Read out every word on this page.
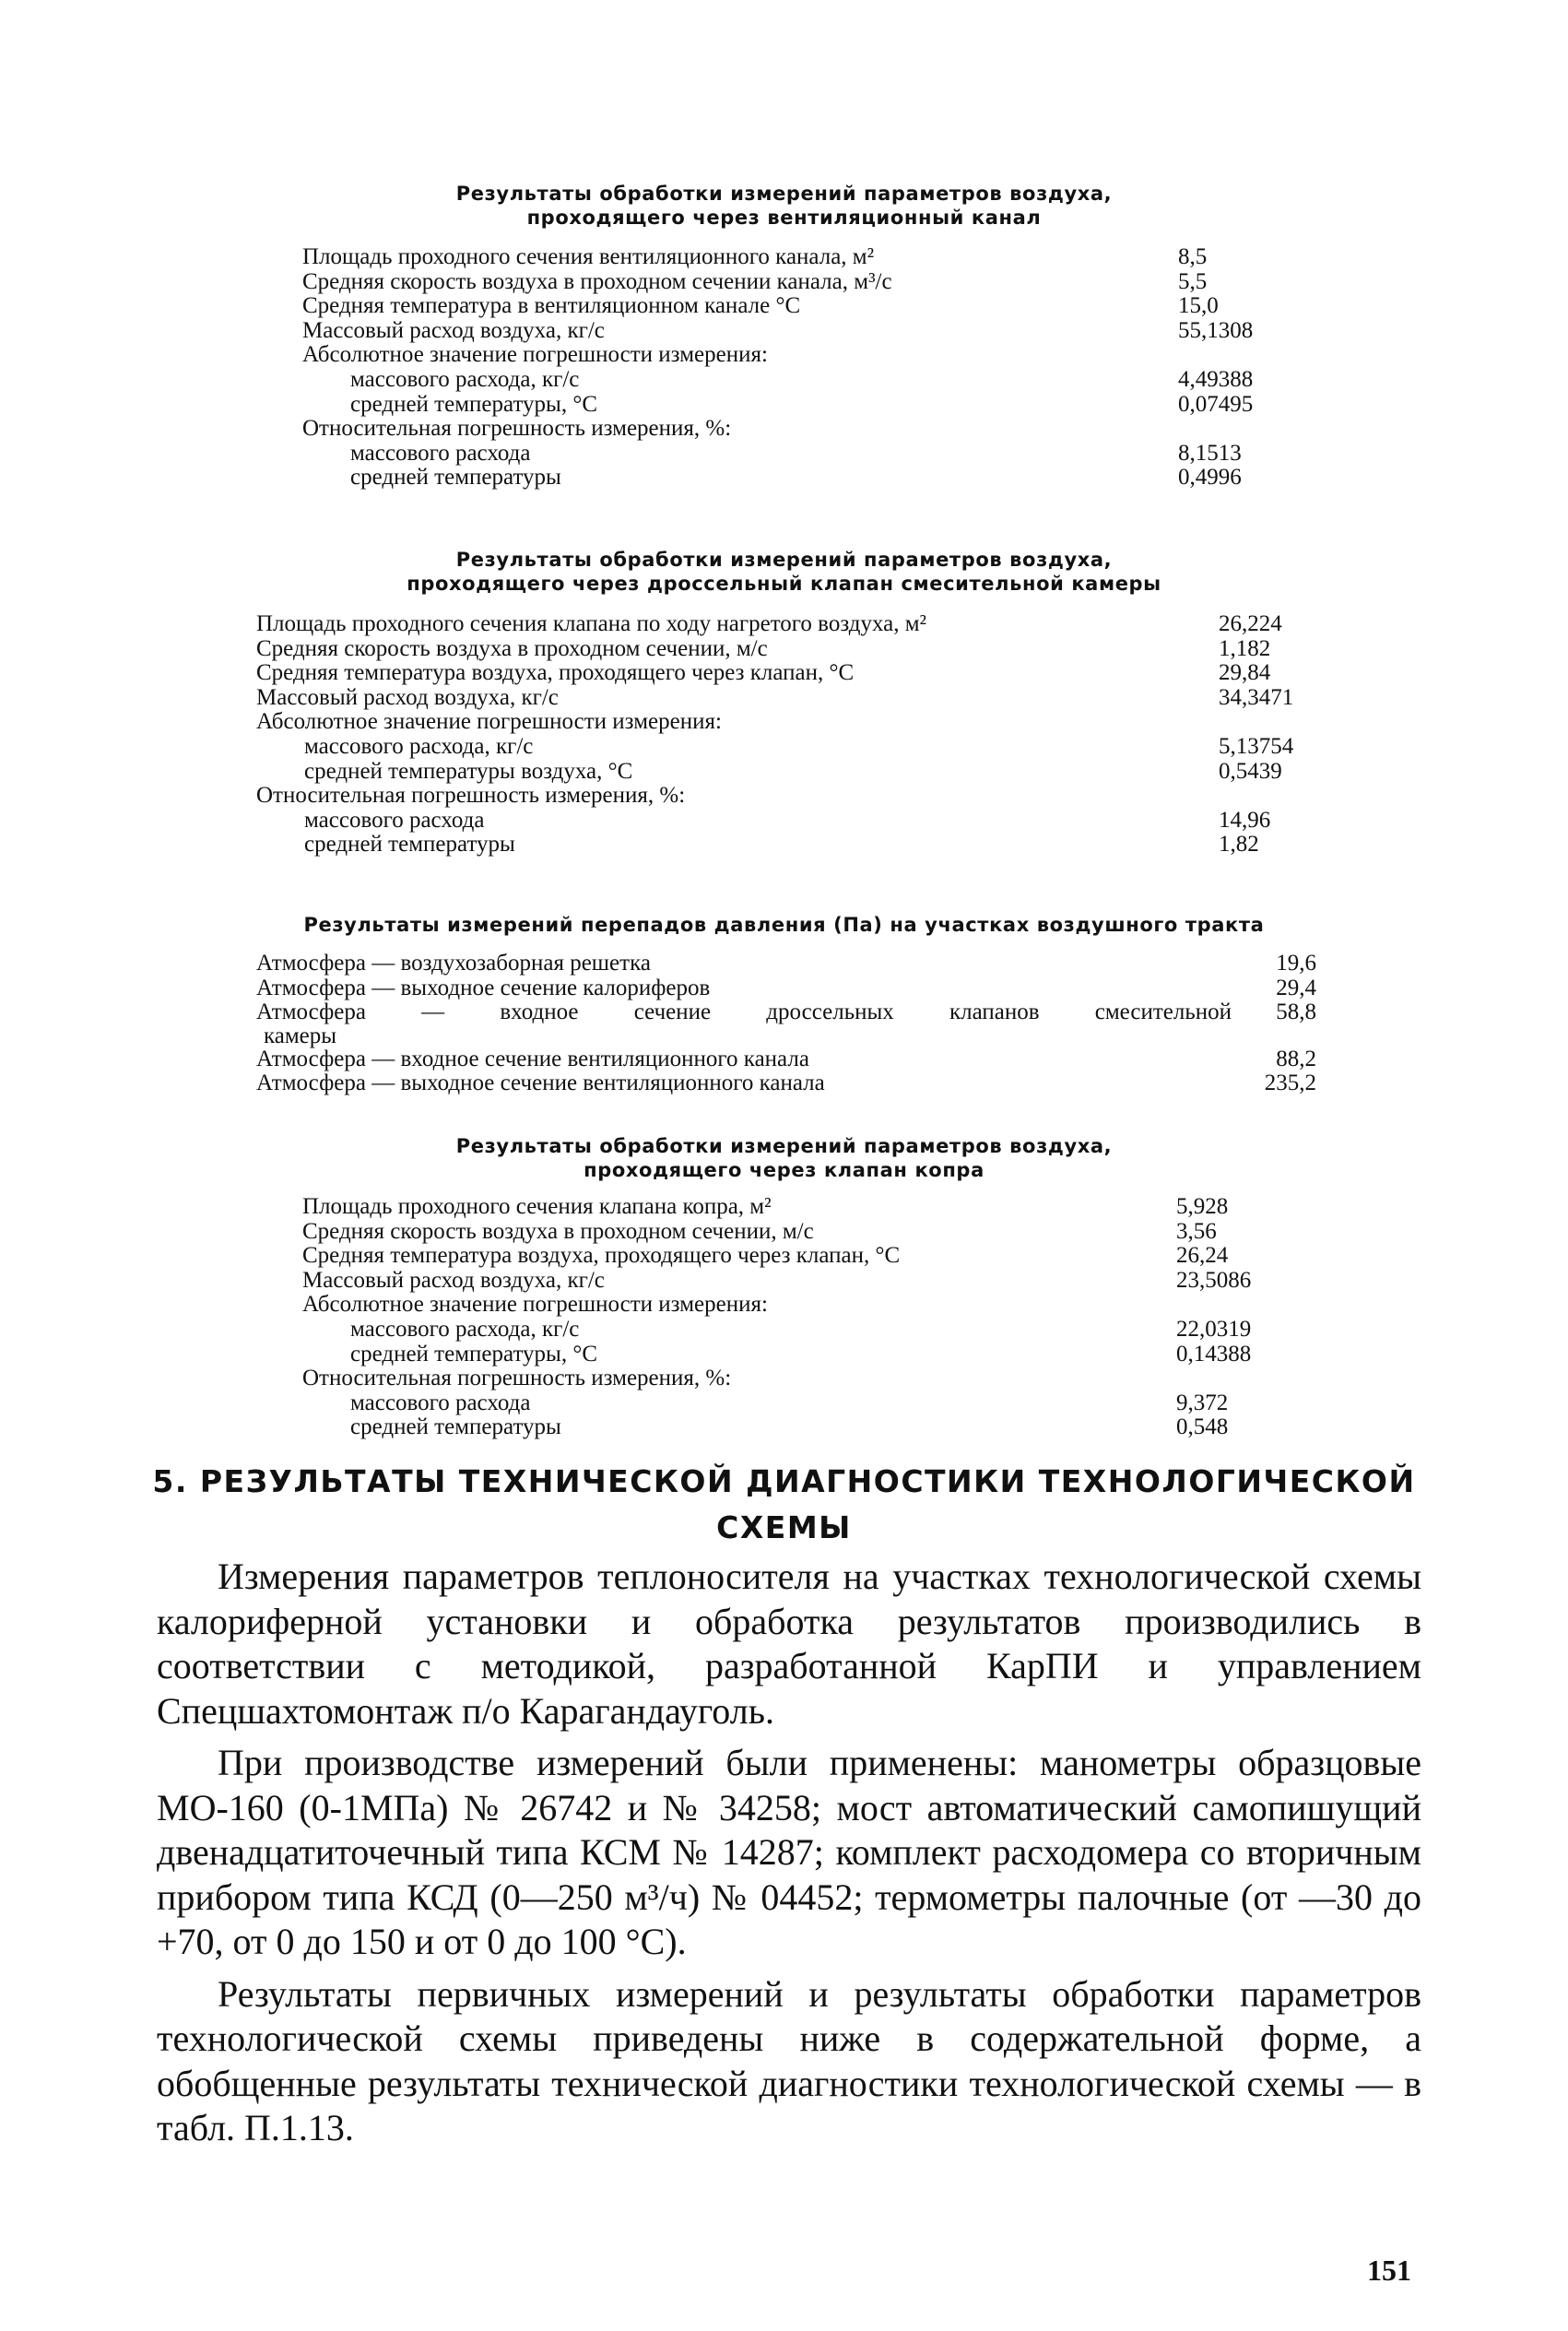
Результаты обработки измерений параметров воздуха,
проходящего через вентиляционный канал
Площадь проходного сечения вентиляционного канала, м²	8,5
Средняя скорость воздуха в проходном сечении канала, м³/с	5,5
Средняя температура в вентиляционном канале °С	15,0
Массовый расход воздуха, кг/с	55,1308
Абсолютное значение погрешности измерения:
массового расхода, кг/с	4,49388
средней температуры, °С	0,07495
Относительная погрешность измерения, %:
массового расхода	8,1513
средней температуры	0,4996
Результаты обработки измерений параметров воздуха,
проходящего через дроссельный клапан смесительной камеры
Площадь проходного сечения клапана по ходу нагретого воздуха, м²	26,224
Средняя скорость воздуха в проходном сечении, м/с	1,182
Средняя температура воздуха, проходящего через клапан, °С	29,84
Массовый расход воздуха, кг/с	34,3471
Абсолютное значение погрешности измерения:
массового расхода, кг/с	5,13754
средней температуры воздуха, °С	0,5439
Относительная погрешность измерения, %:
массового расхода	14,96
средней температуры	1,82
Результаты измерений перепадов давления (Па) на участках воздушного тракта
Атмосфера — воздухозаборная решетка	19,6
Атмосфера — выходное сечение калориферов	29,4
Атмосфера — входное сечение дроссельных клапанов смесительной	58,8
камеры
Атмосфера — входное сечение вентиляционного канала	88,2
Атмосфера — выходное сечение вентиляционного канала	235,2
Результаты обработки измерений параметров воздуха,
проходящего через клапан копра
Площадь проходного сечения клапана копра, м²	5,928
Средняя скорость воздуха в проходном сечении, м/с	3,56
Средняя температура воздуха, проходящего через клапан, °С	26,24
Массовый расход воздуха, кг/с	23,5086
Абсолютное значение погрешности измерения:
массового расхода, кг/с	22,0319
средней температуры, °С	0,14388
Относительная погрешность измерения, %:
массового расхода	9,372
средней температуры	0,548
5. РЕЗУЛЬТАТЫ ТЕХНИЧЕСКОЙ ДИАГНОСТИКИ ТЕХНОЛОГИЧЕСКОЙ
СХЕМЫ

Измерения параметров теплоносителя на участках технологической схемы калориферной установки и обработка результатов производились в соответствии с методикой, разработанной КарПИ и управлением Спецшахтомонтаж п/о Карагандауголь.

При производстве измерений были применены: манометры образцовые МО-160 (0-1МПа) № 26742 и № 34258; мост автоматический самопишущий двенадцатиточечный типа КСМ № 14287; комплект расходомера со вторичным прибором типа КСД (0—250 м³/ч) № 04452; термометры палочные (от —30 до +70, от 0 до 150 и от 0 до 100 °С).

Результаты первичных измерений и результаты обработки параметров технологической схемы приведены ниже в содержательной форме, а обобщенные результаты технической диагностики технологической схемы — в табл. П.1.13.

151
